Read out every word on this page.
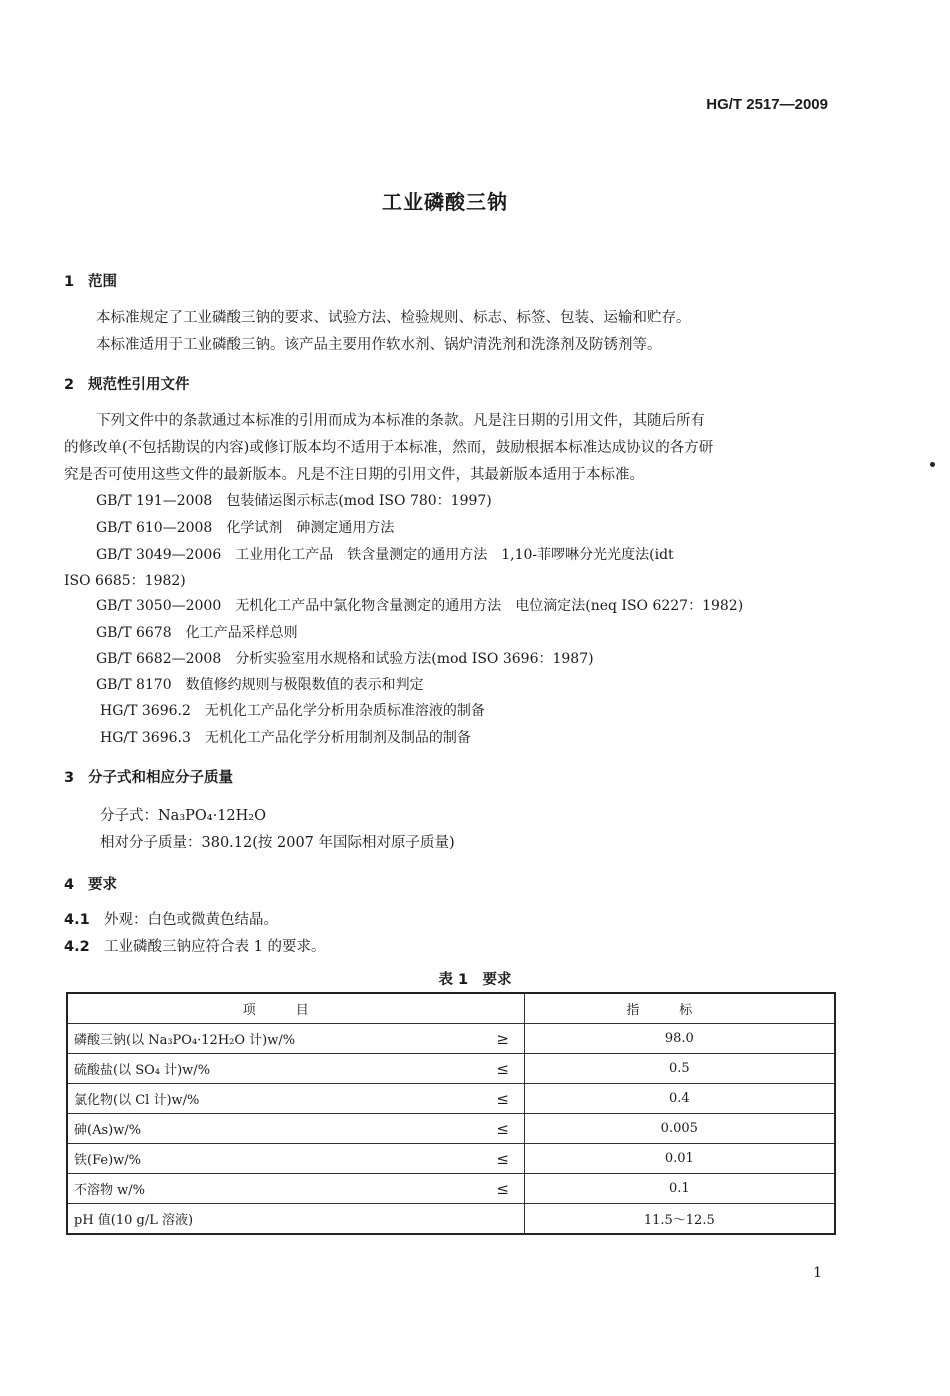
HG/T 2517—2009
工业磷酸三钠
1 范围
本标准规定了工业磷酸三钠的要求、试验方法、检验规则、标志、标签、包装、运输和贮存。
本标准适用于工业磷酸三钠。该产品主要用作软水剂、锅炉清洗剂和洗涤剂及防锈剂等。
2 规范性引用文件
下列文件中的条款通过本标准的引用而成为本标准的条款。凡是注日期的引用文件，其随后所有
的修改单(不包括勘误的内容)或修订版本均不适用于本标准，然而，鼓励根据本标准达成协议的各方研
究是否可使用这些文件的最新版本。凡是不注日期的引用文件，其最新版本适用于本标准。
GB/T 191—2008　包装储运图示标志(mod ISO 780：1997)
GB/T 610—2008　化学试剂　砷测定通用方法
GB/T 3049—2006　工业用化工产品　铁含量测定的通用方法　1,10-菲啰啉分光光度法(idt
ISO 6685：1982)
GB/T 3050—2000　无机化工产品中氯化物含量测定的通用方法　电位滴定法(neq ISO 6227：1982)
GB/T 6678　化工产品采样总则
GB/T 6682—2008　分析实验室用水规格和试验方法(mod ISO 3696：1987)
GB/T 8170　数值修约规则与极限数值的表示和判定
HG/T 3696.2　无机化工产品化学分析用杂质标准溶液的制备
HG/T 3696.3　无机化工产品化学分析用制剂及制品的制备
3 分子式和相应分子质量
分子式：Na₃PO₄·12H₂O
相对分子质量：380.12(按 2007 年国际相对原子质量)
4 要求
4.1 外观：白色或微黄色结晶。
4.2 工业磷酸三钠应符合表 1 的要求。
表 1　要求
项目		指标
磷酸三钠(以 Na₃PO₄·12H₂O 计)w/%	≥	98.0
硫酸盐(以 SO₄ 计)w/%	≤	0.5
氯化物(以 Cl 计)w/%	≤	0.4
砷(As)w/%	≤	0.005
铁(Fe)w/%	≤	0.01
不溶物 w/%	≤	0.1
pH 值(10 g/L 溶液)		11.5～12.5
1
